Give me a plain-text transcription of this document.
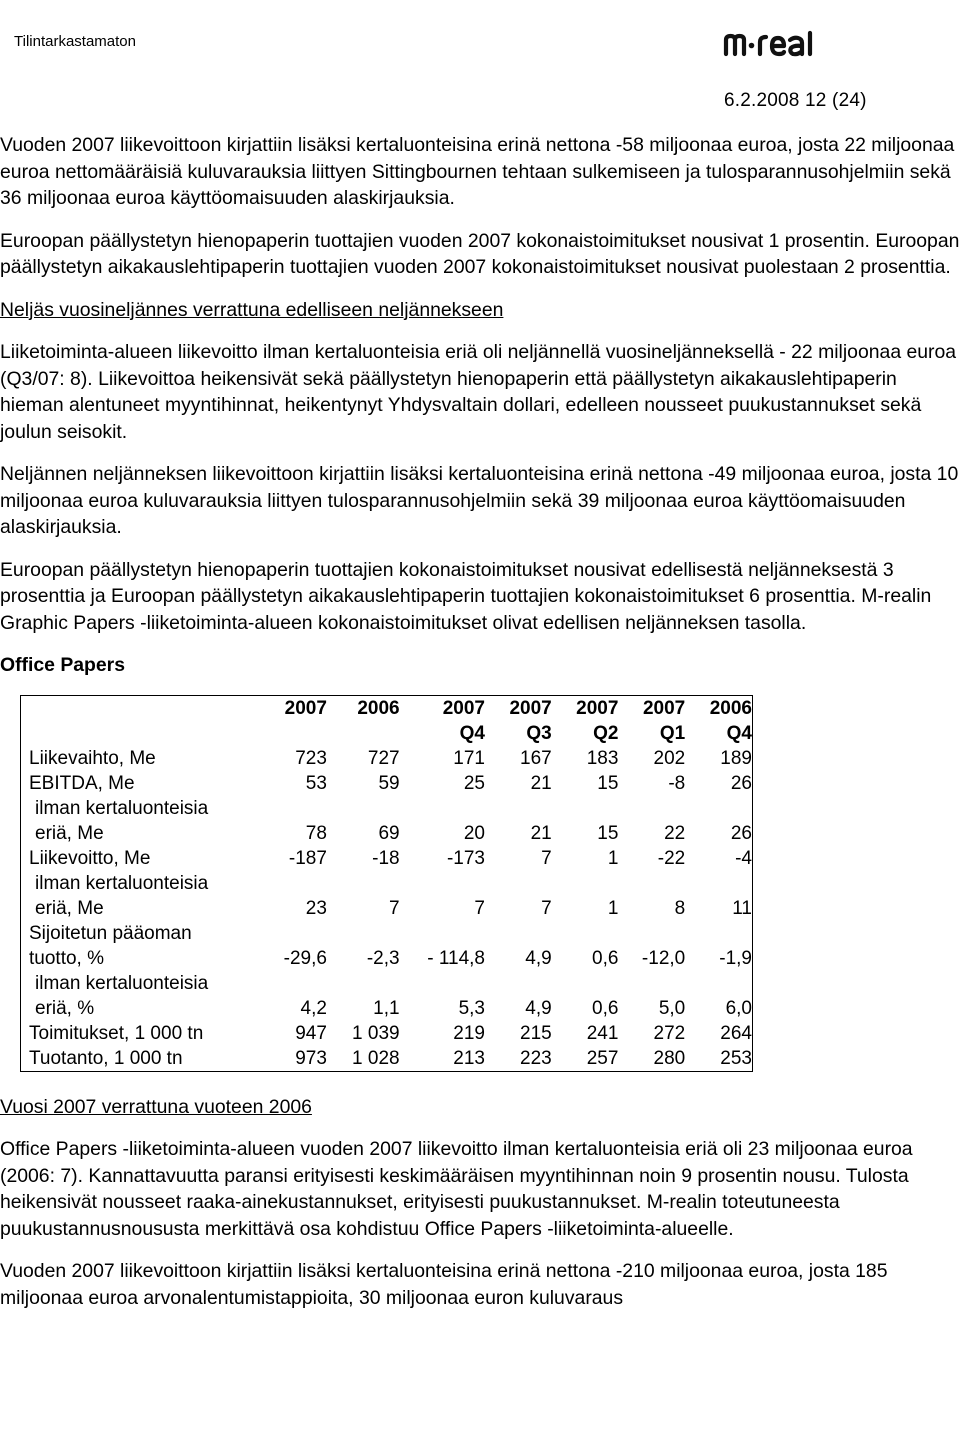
Tilintarkastamaton
6.2.2008 12 (24)

Vuoden 2007 liikevoittoon kirjattiin lisäksi kertaluonteisina erinä nettona -58 miljoonaa euroa, josta 22 miljoonaa euroa nettomääräisiä kuluvarauksia liittyen Sittingbournen tehtaan sulkemiseen ja tulosparannusohjelmiin sekä 36 miljoonaa euroa käyttöomaisuuden alaskirjauksia.

Euroopan päällystetyn hienopaperin tuottajien vuoden 2007 kokonaistoimitukset nousivat 1 prosentin. Euroopan päällystetyn aikakauslehtipaperin tuottajien vuoden 2007 kokonaistoimitukset nousivat puolestaan 2 prosenttia.

Neljäs vuosineljännes verrattuna edelliseen neljännekseen

Liiketoiminta-alueen liikevoitto ilman kertaluonteisia eriä oli neljännellä vuosineljänneksellä - 22 miljoonaa euroa (Q3/07: 8). Liikevoittoa heikensivät sekä päällystetyn hienopaperin että päällystetyn aikakauslehtipaperin hieman alentuneet myyntihinnat, heikentynyt Yhdysvaltain dollari, edelleen nousseet puukustannukset sekä joulun seisokit.

Neljännen neljänneksen liikevoittoon kirjattiin lisäksi kertaluonteisina erinä nettona -49 miljoonaa euroa, josta 10 miljoonaa euroa kuluvarauksia liittyen tulosparannusohjelmiin sekä 39 miljoonaa euroa käyttöomaisuuden alaskirjauksia.

Euroopan päällystetyn hienopaperin tuottajien kokonaistoimitukset nousivat edellisestä neljänneksestä 3 prosenttia ja Euroopan päällystetyn aikakauslehtipaperin tuottajien kokonaistoimitukset 6 prosenttia. M-realin Graphic Papers -liiketoiminta-alueen kokonaistoimitukset olivat edellisen neljänneksen tasolla.

Office Papers

	2007	2006	2007	2007	2007	2007	2006
			Q4	Q3	Q2	Q1	Q4
Liikevaihto, Me	723	727	171	167	183	202	189
EBITDA, Me	53	59	25	21	15	-8	26
ilman kertaluonteisia							
eriä, Me	78	69	20	21	15	22	26
Liikevoitto, Me	-187	-18	-173	7	1	-22	-4
ilman kertaluonteisia							
eriä, Me	23	7	7	7	1	8	11
Sijoitetun pääoman							
tuotto, %	-29,6	-2,3	- 114,8	4,9	0,6	-12,0	-1,9
ilman kertaluonteisia							
eriä, %	4,2	1,1	5,3	4,9	0,6	5,0	6,0
Toimitukset, 1 000 tn	947	1 039	219	215	241	272	264
Tuotanto, 1 000 tn	973	1 028	213	223	257	280	253

Vuosi 2007 verrattuna vuoteen 2006

Office Papers -liiketoiminta-alueen vuoden 2007 liikevoitto ilman kertaluonteisia eriä oli 23 miljoonaa euroa (2006: 7). Kannattavuutta paransi erityisesti keskimääräisen myyntihinnan noin 9 prosentin nousu. Tulosta heikensivät nousseet raaka-ainekustannukset, erityisesti puukustannukset. M-realin toteutuneesta puukustannusnoususta merkittävä osa kohdistuu Office Papers -liiketoiminta-alueelle.

Vuoden 2007 liikevoittoon kirjattiin lisäksi kertaluonteisina erinä nettona -210 miljoonaa euroa, josta 185 miljoonaa euroa arvonalentumistappioita, 30 miljoonaa euron kuluvaraus
